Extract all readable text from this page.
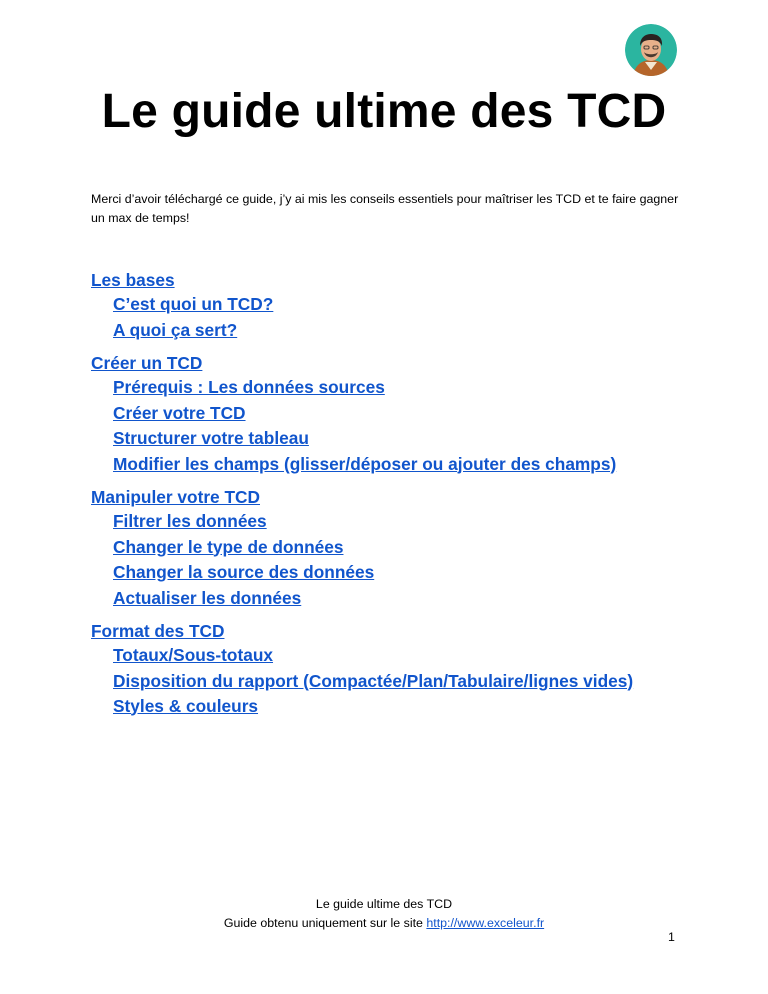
Le guide ultime des TCD

Merci d’avoir téléchargé ce guide, j’y ai mis les conseils essentiels pour maîtriser les TCD et te faire gagner un max de temps!

Les bases
C’est quoi un TCD?
A quoi ça sert?
Créer un TCD
Prérequis : Les données sources
Créer votre TCD
Structurer votre tableau
Modifier les champs (glisser/déposer ou ajouter des champs)
Manipuler votre TCD
Filtrer les données
Changer le type de données
Changer la source des données
Actualiser les données
Format des TCD
Totaux/Sous-totaux
Disposition du rapport (Compactée/Plan/Tabulaire/lignes vides)
Styles & couleurs
Le guide ultime des TCD
Guide obtenu uniquement sur le site http://www.exceleur.fr
1
